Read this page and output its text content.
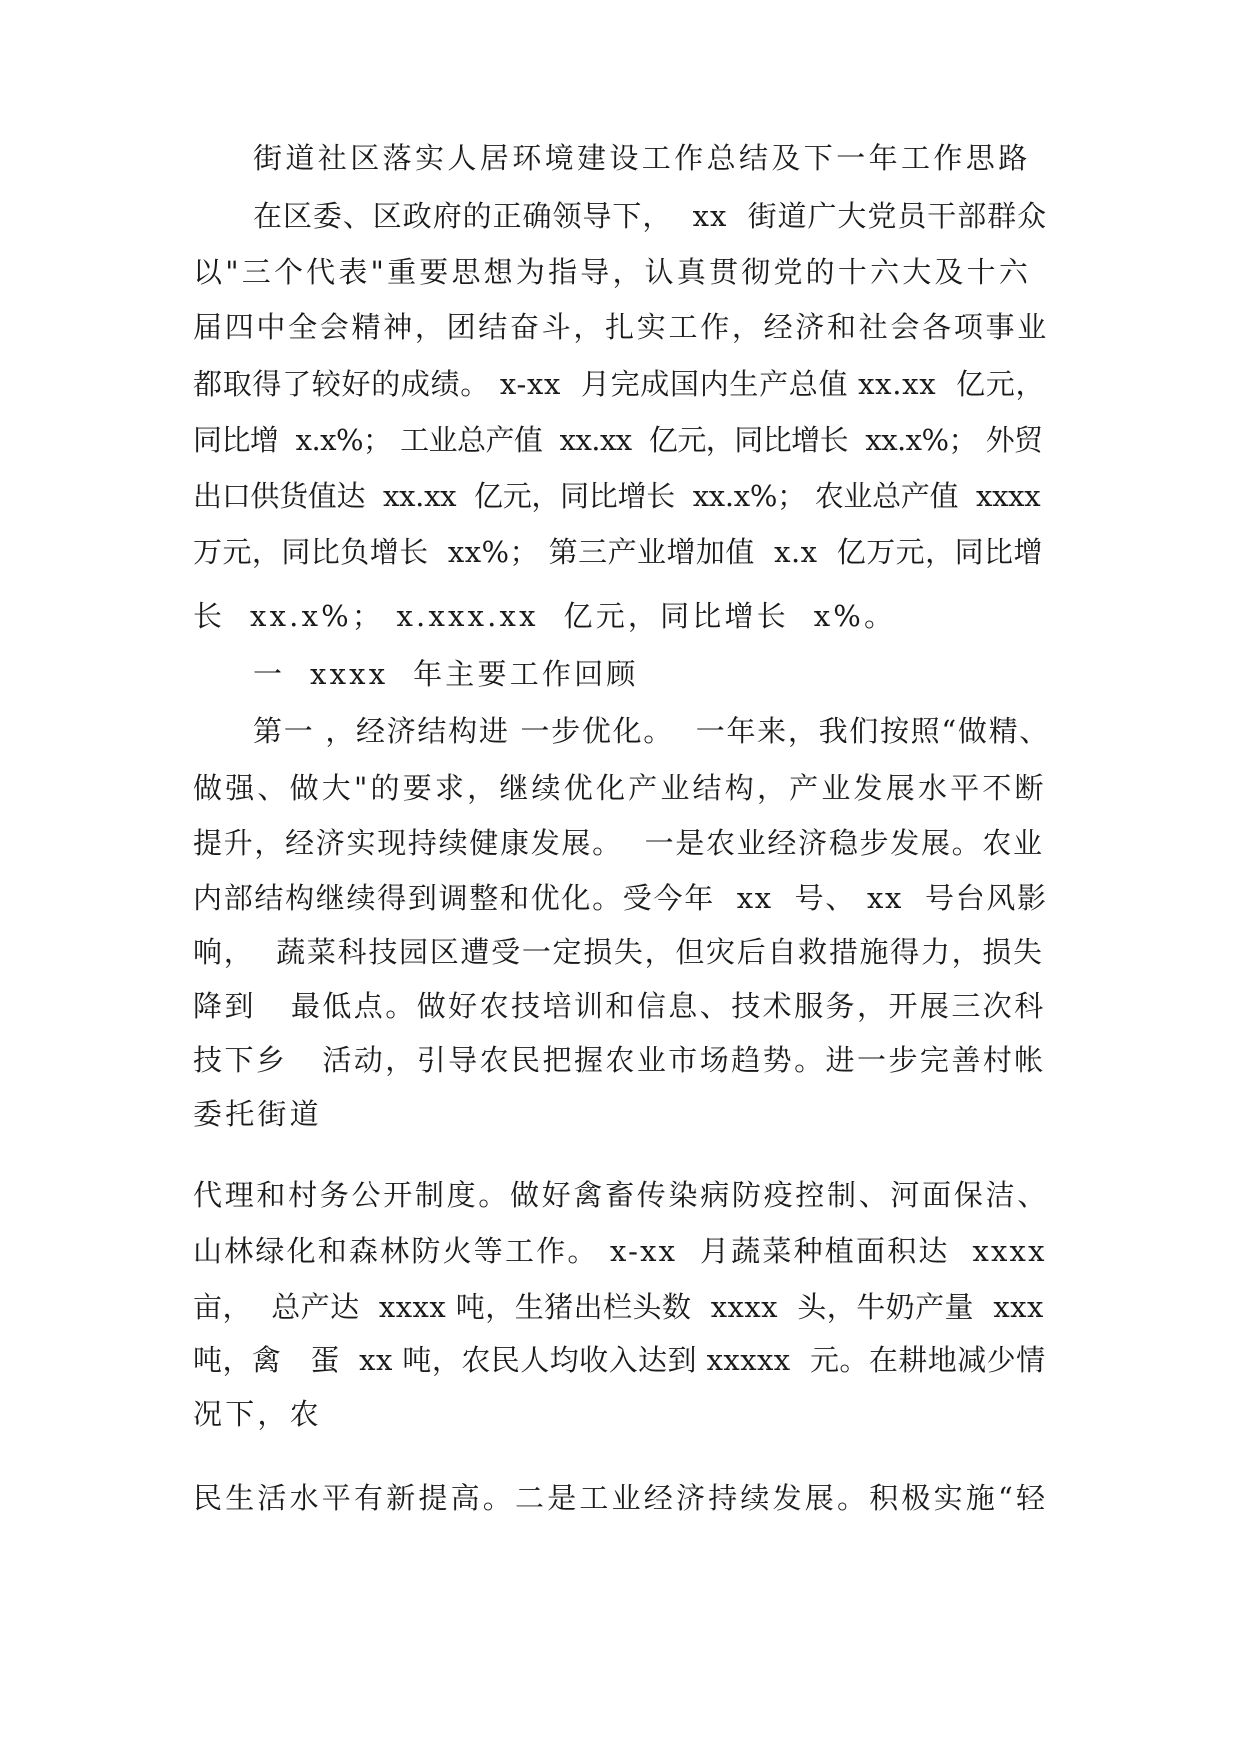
街道社区落实人居环境建设工作总结及下一年工作思路
在区委、区政府的正确领导下，  xx  街道广大党员干部群众
以"三个代表"重要思想为指导，认真贯彻党的十六大及十六
届四中全会精神，团结奋斗，扎实工作，经济和社会各项事业
都取得了较好的成绩。 x-xx  月完成国内生产总值 xx.xx  亿元，
同比增  x.x%； 工业总产值  xx.xx  亿元，同比增长  xx.x%； 外贸
出口供货值达  xx.xx  亿元，同比增长  xx.x%； 农业总产值  xxxx
万元，同比负增长  xx%； 第三产业增加值  x.x  亿万元，同比增
长  xx.x%； x.xxx.xx  亿元，同比增长  x%。
一  xxxx  年主要工作回顾
第一 ，经济结构进 一步优化。  一年来，我们按照“做精、
做强、做大"的要求，继续优化产业结构，产业发展水平不断
提升，经济实现持续健康发展。  一是农业经济稳步发展。农业
内部结构继续得到调整和优化。受今年  xx  号、 xx  号台风影
响，  蔬菜科技园区遭受一定损失，但灾后自救措施得力，损失
降到   最低点。做好农技培训和信息、技术服务，开展三次科
技下乡   活动，引导农民把握农业市场趋势。进一步完善村帐
委托街道
代理和村务公开制度。做好禽畜传染病防疫控制、河面保洁、
山林绿化和森林防火等工作。 x-xx  月蔬菜种植面积达  xxxx
亩，  总产达  xxxx 吨，生猪出栏头数  xxxx  头，牛奶产量  xxx
吨，禽   蛋  xx 吨，农民人均收入达到 xxxxx  元。在耕地减少情
况下，农
民生活水平有新提高。二是工业经济持续发展。积极实施“轻
